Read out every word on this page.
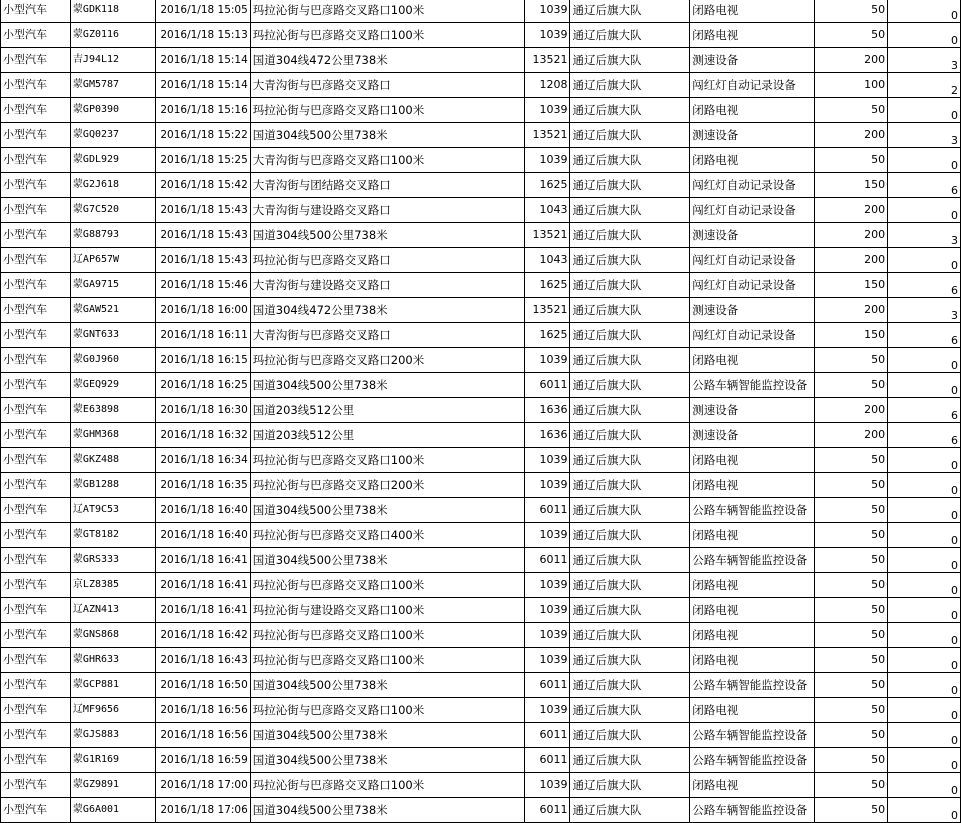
小型汽车	蒙GDK118	2016/1/18 15:05	玛拉沁街与巴彦路交叉路口100米	1039	通辽后旗大队	闭路电视	50	0
小型汽车	蒙GZ0116	2016/1/18 15:13	玛拉沁街与巴彦路交叉路口100米	1039	通辽后旗大队	闭路电视	50	0
小型汽车	吉J94L12	2016/1/18 15:14	国道304线472公里738米	13521	通辽后旗大队	测速设备	200	3
小型汽车	蒙GM5787	2016/1/18 15:14	大青沟街与巴彦路交叉路口	1208	通辽后旗大队	闯红灯自动记录设备	100	2
小型汽车	蒙GP0390	2016/1/18 15:16	玛拉沁街与巴彦路交叉路口100米	1039	通辽后旗大队	闭路电视	50	0
小型汽车	蒙GQ0237	2016/1/18 15:22	国道304线500公里738米	13521	通辽后旗大队	测速设备	200	3
小型汽车	蒙GDL929	2016/1/18 15:25	大青沟街与巴彦路交叉路口100米	1039	通辽后旗大队	闭路电视	50	0
小型汽车	蒙G2J618	2016/1/18 15:42	大青沟街与团结路交叉路口	1625	通辽后旗大队	闯红灯自动记录设备	150	6
小型汽车	蒙G7C520	2016/1/18 15:43	大青沟街与建设路交叉路口	1043	通辽后旗大队	闯红灯自动记录设备	200	0
小型汽车	蒙G88793	2016/1/18 15:43	国道304线500公里738米	13521	通辽后旗大队	测速设备	200	3
小型汽车	辽AP657W	2016/1/18 15:43	玛拉沁街与巴彦路交叉路口	1043	通辽后旗大队	闯红灯自动记录设备	200	0
小型汽车	蒙GA9715	2016/1/18 15:46	大青沟街与建设路交叉路口	1625	通辽后旗大队	闯红灯自动记录设备	150	6
小型汽车	蒙GAW521	2016/1/18 16:00	国道304线472公里738米	13521	通辽后旗大队	测速设备	200	3
小型汽车	蒙GNT633	2016/1/18 16:11	大青沟街与巴彦路交叉路口	1625	通辽后旗大队	闯红灯自动记录设备	150	6
小型汽车	蒙G0J960	2016/1/18 16:15	玛拉沁街与巴彦路交叉路口200米	1039	通辽后旗大队	闭路电视	50	0
小型汽车	蒙GEQ929	2016/1/18 16:25	国道304线500公里738米	6011	通辽后旗大队	公路车辆智能监控设备	50	0
小型汽车	蒙E63898	2016/1/18 16:30	国道203线512公里	1636	通辽后旗大队	测速设备	200	6
小型汽车	蒙GHM368	2016/1/18 16:32	国道203线512公里	1636	通辽后旗大队	测速设备	200	6
小型汽车	蒙GKZ488	2016/1/18 16:34	玛拉沁街与巴彦路交叉路口100米	1039	通辽后旗大队	闭路电视	50	0
小型汽车	蒙GB1288	2016/1/18 16:35	玛拉沁街与巴彦路交叉路口200米	1039	通辽后旗大队	闭路电视	50	0
小型汽车	辽AT9C53	2016/1/18 16:40	国道304线500公里738米	6011	通辽后旗大队	公路车辆智能监控设备	50	0
小型汽车	蒙GT8182	2016/1/18 16:40	玛拉沁街与巴彦路交叉路口400米	1039	通辽后旗大队	闭路电视	50	0
小型汽车	蒙GRS333	2016/1/18 16:41	国道304线500公里738米	6011	通辽后旗大队	公路车辆智能监控设备	50	0
小型汽车	京LZ8385	2016/1/18 16:41	玛拉沁街与巴彦路交叉路口100米	1039	通辽后旗大队	闭路电视	50	0
小型汽车	辽AZN413	2016/1/18 16:41	玛拉沁街与建设路交叉路口100米	1039	通辽后旗大队	闭路电视	50	0
小型汽车	蒙GNS868	2016/1/18 16:42	玛拉沁街与巴彦路交叉路口100米	1039	通辽后旗大队	闭路电视	50	0
小型汽车	蒙GHR633	2016/1/18 16:43	玛拉沁街与巴彦路交叉路口100米	1039	通辽后旗大队	闭路电视	50	0
小型汽车	蒙GCP881	2016/1/18 16:50	国道304线500公里738米	6011	通辽后旗大队	公路车辆智能监控设备	50	0
小型汽车	辽MF9656	2016/1/18 16:56	玛拉沁街与巴彦路交叉路口100米	1039	通辽后旗大队	闭路电视	50	0
小型汽车	蒙GJS883	2016/1/18 16:56	国道304线500公里738米	6011	通辽后旗大队	公路车辆智能监控设备	50	0
小型汽车	蒙G1R169	2016/1/18 16:59	国道304线500公里738米	6011	通辽后旗大队	公路车辆智能监控设备	50	0
小型汽车	蒙GZ9891	2016/1/18 17:00	玛拉沁街与巴彦路交叉路口100米	1039	通辽后旗大队	闭路电视	50	0
小型汽车	蒙G6A001	2016/1/18 17:06	国道304线500公里738米	6011	通辽后旗大队	公路车辆智能监控设备	50	0
